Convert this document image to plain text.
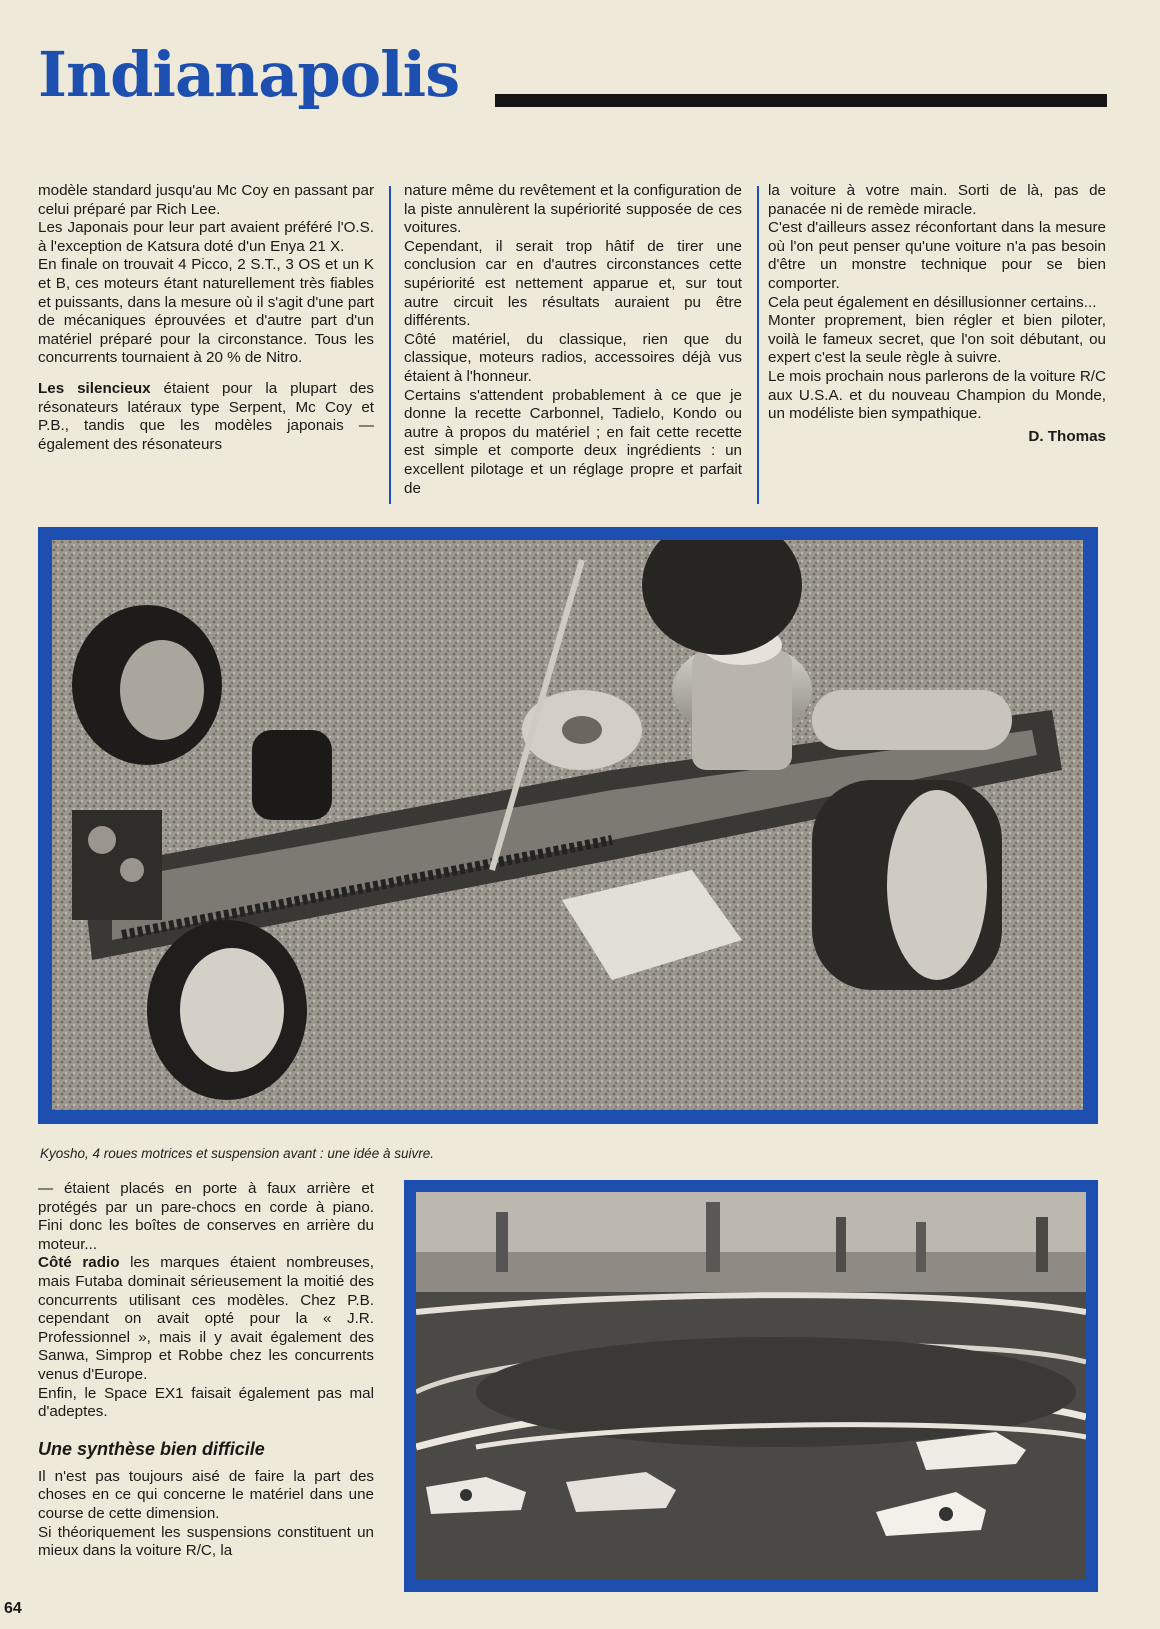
Indianapolis

modèle standard jusqu'au Mc Coy en passant par celui préparé par Rich Lee.

Les Japonais pour leur part avaient préféré l'O.S. à l'exception de Katsura doté d'un Enya 21 X.

En finale on trouvait 4 Picco, 2 S.T., 3 OS et un K et B, ces moteurs étant naturellement très fiables et puissants, dans la mesure où il s'agit d'une part de mécaniques éprouvées et d'autre part d'un matériel préparé pour la circonstance. Tous les concurrents tournaient à 20 % de Nitro.

Les silencieux étaient pour la plupart des résonateurs latéraux type Serpent, Mc Coy et P.B., tandis que les modèles japonais — également des résonateurs

nature même du revêtement et la configuration de la piste annulèrent la supériorité supposée de ces voitures.

Cependant, il serait trop hâtif de tirer une conclusion car en d'autres circonstances cette supériorité est nettement apparue et, sur tout autre circuit les résultats auraient pu être différents.

Côté matériel, du classique, rien que du classique, moteurs radios, accessoires déjà vus étaient à l'honneur.

Certains s'attendent probablement à ce que je donne la recette Carbonnel, Tadielo, Kondo ou autre à propos du matériel ; en fait cette recette est simple et comporte deux ingrédients : un excellent pilotage et un réglage propre et parfait de

la voiture à votre main. Sorti de là, pas de panacée ni de remède miracle.

C'est d'ailleurs assez réconfortant dans la mesure où l'on peut penser qu'une voiture n'a pas besoin d'être un monstre technique pour se bien comporter.

Cela peut également en désillusionner certains...

Monter proprement, bien régler et bien piloter, voilà le fameux secret, que l'on soit débutant, ou expert c'est la seule règle à suivre.

Le mois prochain nous parlerons de la voiture R/C aux U.S.A. et du nouveau Champion du Monde, un modéliste bien sympathique.

D. Thomas

Kyosho, 4 roues motrices et suspension avant : une idée à suivre.

— étaient placés en porte à faux arrière et protégés par un pare-chocs en corde à piano. Fini donc les boîtes de conserves en arrière du moteur...

Côté radio les marques étaient nombreuses, mais Futaba dominait sérieusement la moitié des concurrents utilisant ces modèles. Chez P.B. cependant on avait opté pour la « J.R. Professionnel », mais il y avait également des Sanwa, Simprop et Robbe chez les concurrents venus d'Europe.

Enfin, le Space EX1 faisait également pas mal d'adeptes.

Une synthèse bien difficile

Il n'est pas toujours aisé de faire la part des choses en ce qui concerne le matériel dans une course de cette dimension.

Si théoriquement les suspensions constituent un mieux dans la voiture R/C, la

64
